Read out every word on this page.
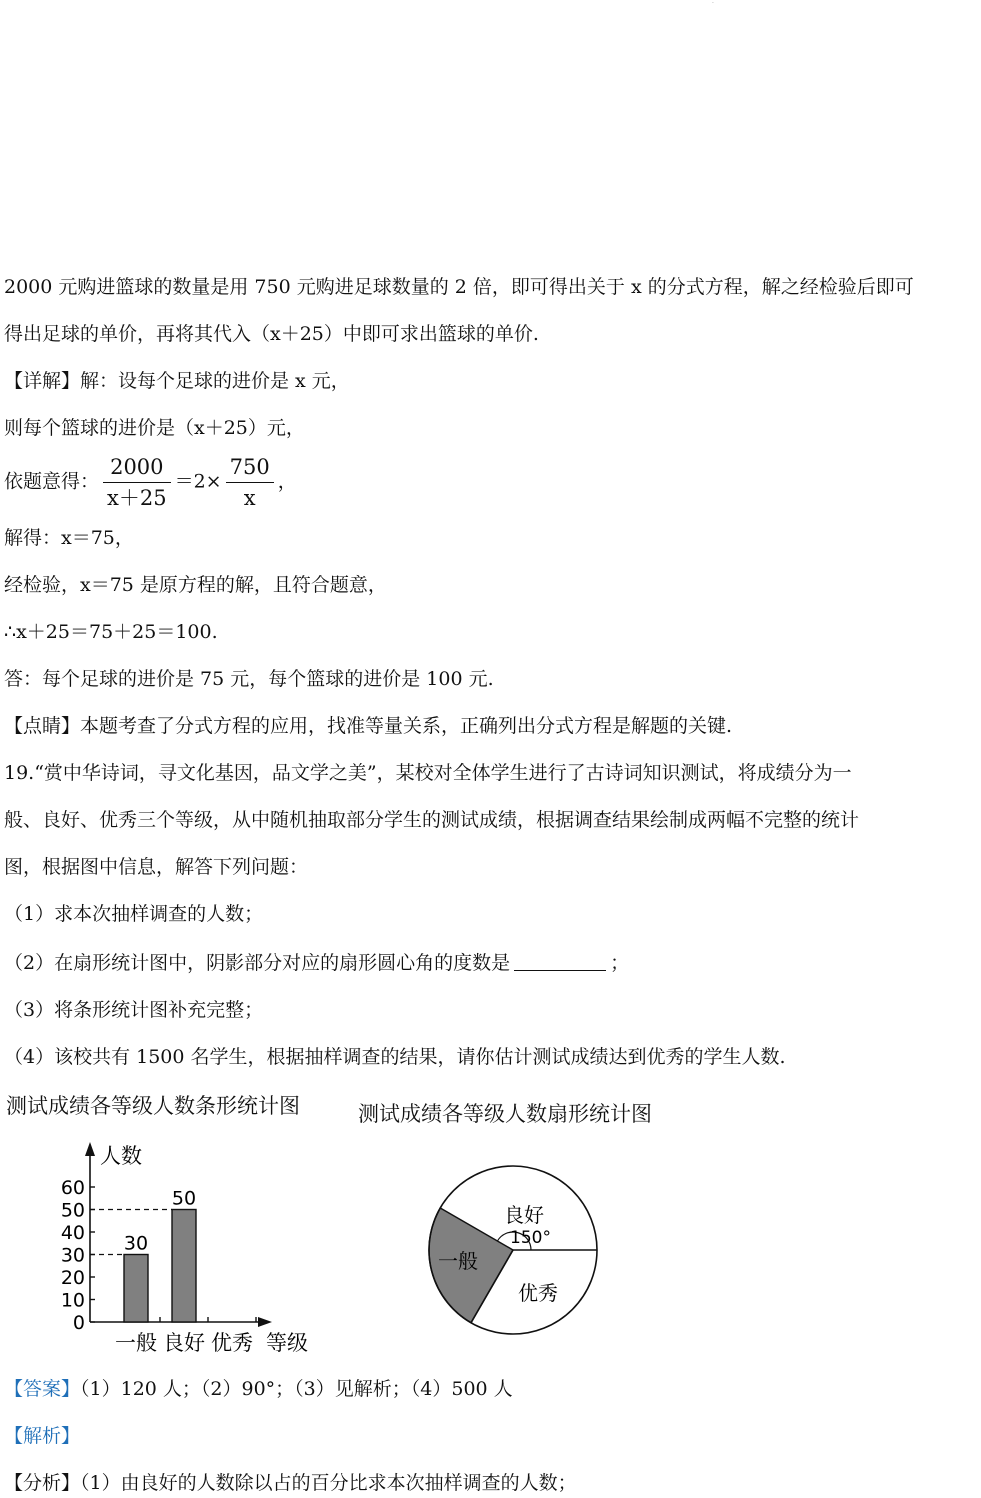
·
2000 元购进篮球的数量是用 750 元购进足球数量的 2 倍，即可得出关于 x 的分式方程，解之经检验后即可
得出足球的单价，再将其代入（x＋25）中即可求出篮球的单价.
【详解】解：设每个足球的进价是 x 元，
则每个篮球的进价是（x＋25）元，
依题意得： $\frac{2000}{x+25} =2\times \frac{750}{x}$ ，
解得：x＝75，
经检验，x＝75 是原方程的解，且符合题意，
∴x＋25＝75＋25＝100.
答：每个足球的进价是 75 元，每个篮球的进价是 100 元.
【点睛】本题考查了分式方程的应用，找准等量关系，正确列出分式方程是解题的关键.
19.“赏中华诗词，寻文化基因，品文学之美”，某校对全体学生进行了古诗词知识测试，将成绩分为一
般、良好、优秀三个等级，从中随机抽取部分学生的测试成绩，根据调查结果绘制成两幅不完整的统计
图，根据图中信息，解答下列问题：
（1）求本次抽样调查的人数；
（2）在扇形统计图中，阴影部分对应的扇形圆心角的度数是	；
（3）将条形统计图补充完整；
（4）该校共有 1500 名学生，根据抽样调查的结果，请你估计测试成绩达到优秀的学生人数.
测试成绩各等级人数条形统计图	测试成绩各等级人数扇形统计图
人数
等级
0
10
20
30
40
50
60
一般
30
良好
50
优秀
良好
150°
一般
优秀
【答案】（1）120 人；（2）90°；（3）见解析；（4）500 人
【解析】
【分析】（1）由良好的人数除以占的百分比求本次抽样调查的人数；
